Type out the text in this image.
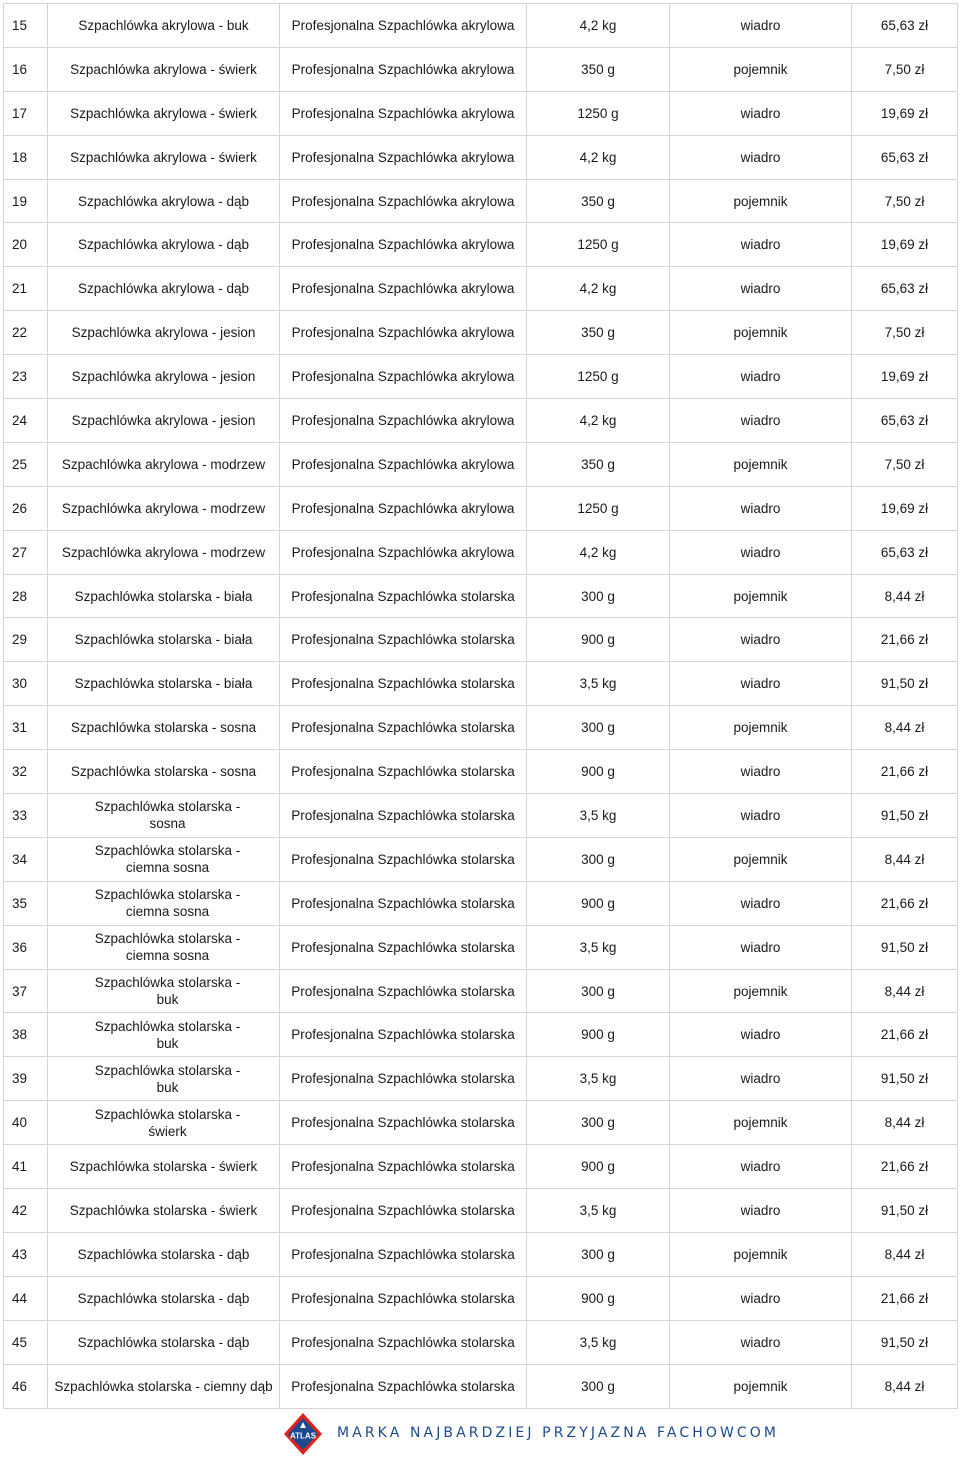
15	Szpachlówka akrylowa - buk	Profesjonalna Szpachlówka akrylowa	4,2 kg	wiadro	65,63 zł
16	Szpachlówka akrylowa - świerk	Profesjonalna Szpachlówka akrylowa	350 g	pojemnik	7,50 zł
17	Szpachlówka akrylowa - świerk	Profesjonalna Szpachlówka akrylowa	1250 g	wiadro	19,69 zł
18	Szpachlówka akrylowa - świerk	Profesjonalna Szpachlówka akrylowa	4,2 kg	wiadro	65,63 zł
19	Szpachlówka akrylowa - dąb	Profesjonalna Szpachlówka akrylowa	350 g	pojemnik	7,50 zł
20	Szpachlówka akrylowa - dąb	Profesjonalna Szpachlówka akrylowa	1250 g	wiadro	19,69 zł
21	Szpachlówka akrylowa - dąb	Profesjonalna Szpachlówka akrylowa	4,2 kg	wiadro	65,63 zł
22	Szpachlówka akrylowa - jesion	Profesjonalna Szpachlówka akrylowa	350 g	pojemnik	7,50 zł
23	Szpachlówka akrylowa - jesion	Profesjonalna Szpachlówka akrylowa	1250 g	wiadro	19,69 zł
24	Szpachlówka akrylowa - jesion	Profesjonalna Szpachlówka akrylowa	4,2 kg	wiadro	65,63 zł
25	Szpachlówka akrylowa - modrzew	Profesjonalna Szpachlówka akrylowa	350 g	pojemnik	7,50 zł
26	Szpachlówka akrylowa - modrzew	Profesjonalna Szpachlówka akrylowa	1250 g	wiadro	19,69 zł
27	Szpachlówka akrylowa - modrzew	Profesjonalna Szpachlówka akrylowa	4,2 kg	wiadro	65,63 zł
28	Szpachlówka stolarska - biała	Profesjonalna Szpachlówka stolarska	300 g	pojemnik	8,44 zł
29	Szpachlówka stolarska - biała	Profesjonalna Szpachlówka stolarska	900 g	wiadro	21,66 zł
30	Szpachlówka stolarska - biała	Profesjonalna Szpachlówka stolarska	3,5 kg	wiadro	91,50 zł
31	Szpachlówka stolarska - sosna	Profesjonalna Szpachlówka stolarska	300 g	pojemnik	8,44 zł
32	Szpachlówka stolarska - sosna	Profesjonalna Szpachlówka stolarska	900 g	wiadro	21,66 zł
33	Szpachlówka stolarska - sosna	Profesjonalna Szpachlówka stolarska	3,5 kg	wiadro	91,50 zł
34	Szpachlówka stolarska - ciemna sosna	Profesjonalna Szpachlówka stolarska	300 g	pojemnik	8,44 zł
35	Szpachlówka stolarska - ciemna sosna	Profesjonalna Szpachlówka stolarska	900 g	wiadro	21,66 zł
36	Szpachlówka stolarska - ciemna sosna	Profesjonalna Szpachlówka stolarska	3,5 kg	wiadro	91,50 zł
37	Szpachlówka stolarska - buk	Profesjonalna Szpachlówka stolarska	300 g	pojemnik	8,44 zł
38	Szpachlówka stolarska - buk	Profesjonalna Szpachlówka stolarska	900 g	wiadro	21,66 zł
39	Szpachlówka stolarska - buk	Profesjonalna Szpachlówka stolarska	3,5 kg	wiadro	91,50 zł
40	Szpachlówka stolarska - świerk	Profesjonalna Szpachlówka stolarska	300 g	pojemnik	8,44 zł
41	Szpachlówka stolarska - świerk	Profesjonalna Szpachlówka stolarska	900 g	wiadro	21,66 zł
42	Szpachlówka stolarska - świerk	Profesjonalna Szpachlówka stolarska	3,5 kg	wiadro	91,50 zł
43	Szpachlówka stolarska - dąb	Profesjonalna Szpachlówka stolarska	300 g	pojemnik	8,44 zł
44	Szpachlówka stolarska - dąb	Profesjonalna Szpachlówka stolarska	900 g	wiadro	21,66 zł
45	Szpachlówka stolarska - dąb	Profesjonalna Szpachlówka stolarska	3,5 kg	wiadro	91,50 zł
46	Szpachlówka stolarska - ciemny dąb	Profesjonalna Szpachlówka stolarska	300 g	pojemnik	8,44 zł
ATLAS MARKA NAJBARDZIEJ PRZYJAZNA FACHOWCOM
